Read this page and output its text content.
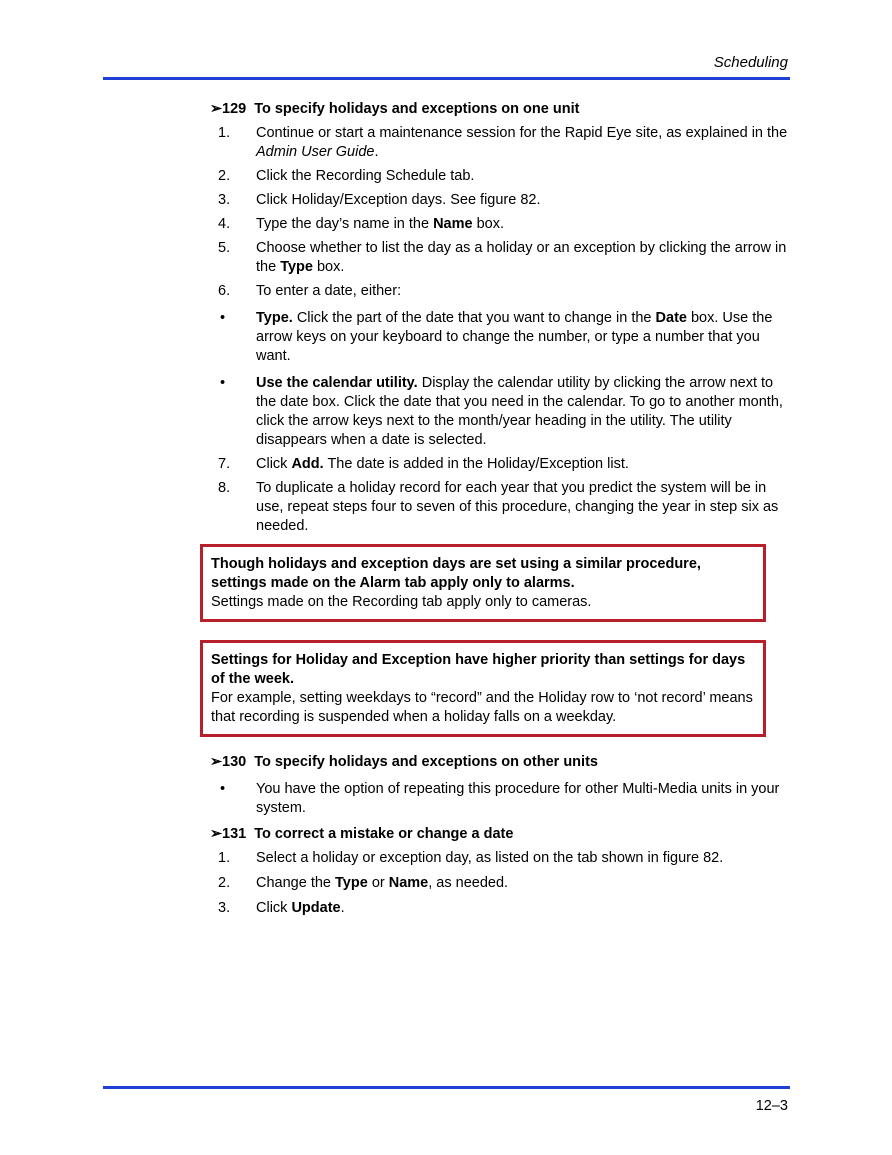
Scheduling
➢129 To specify holidays and exceptions on one unit
1.	Continue or start a maintenance session for the Rapid Eye site, as explained in the Admin User Guide.
2.	Click the Recording Schedule tab.
3.	Click Holiday/Exception days. See figure 82.
4.	Type the day’s name in the Name box.
5.	Choose whether to list the day as a holiday or an exception by clicking the arrow in the Type box.
6.	To enter a date, either:
•	Type. Click the part of the date that you want to change in the Date box. Use the arrow keys on your keyboard to change the number, or type a number that you want.
•	Use the calendar utility. Display the calendar utility by clicking the arrow next to the date box. Click the date that you need in the calendar. To go to another month, click the arrow keys next to the month/year heading in the utility. The utility disappears when a date is selected.
7.	Click Add. The date is added in the Holiday/Exception list.
8.	To duplicate a holiday record for each year that you predict the system will be in use, repeat steps four to seven of this procedure, changing the year in step six as needed.
Though holidays and exception days are set using a similar procedure, settings made on the Alarm tab apply only to alarms.
Settings made on the Recording tab apply only to cameras.
Settings for Holiday and Exception have higher priority than settings for days of the week.
For example, setting weekdays to “record” and the Holiday row to ‘not record’ means that recording is suspended when a holiday falls on a weekday.
➢130 To specify holidays and exceptions on other units
•	You have the option of repeating this procedure for other Multi-Media units in your system.
➢131 To correct a mistake or change a date
1.	Select a holiday or exception day, as listed on the tab shown in figure 82.
2.	Change the Type or Name, as needed.
3.	Click Update.
12–3
